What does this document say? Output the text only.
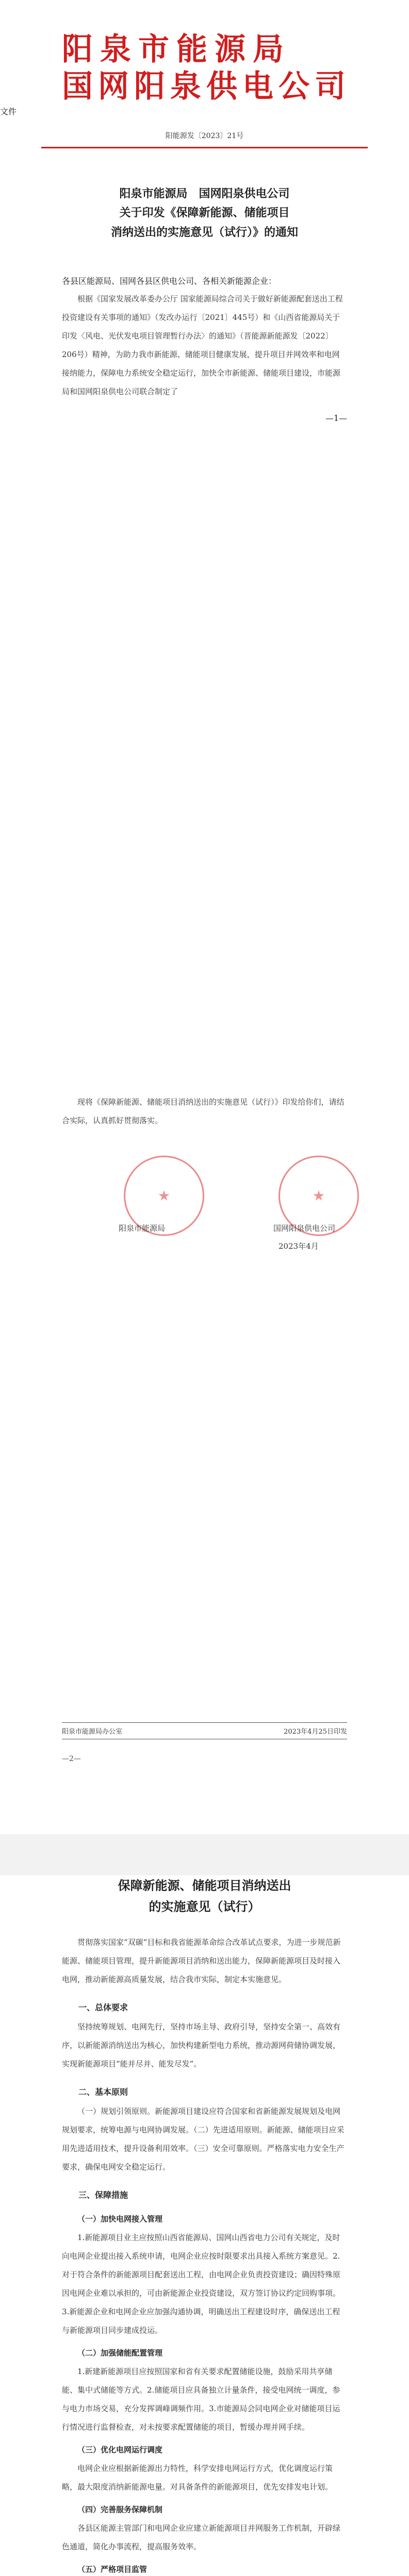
阳泉市能源局
国网阳泉供电公司
文件
阳能源发〔2023〕21号
阳泉市能源局　国网阳泉供电公司
关于印发《保障新能源、储能项目
消纳送出的实施意见（试行）》的通知
各县区能源局、国网各县区供电公司、各相关新能源企业：
根据《国家发展改革委办公厅 国家能源局综合司关于做好新能源配套送出工程投资建设有关事项的通知》（发改办运行〔2021〕445号）和《山西省能源局关于印发〈风电、光伏发电项目管理暂行办法〉的通知》（晋能源新能源发〔2022〕206号）精神，为助力我市新能源、储能项目健康发展，提升项目并网效率和电网接纳能力，保障电力系统安全稳定运行，加快全市新能源、储能项目建设，市能源局和国网阳泉供电公司联合制定了
—1—
现将《保障新能源、储能项目消纳送出的实施意见（试行）》印发给你们，请结合实际，认真抓好贯彻落实。
阳泉市能源局	国网阳泉供电公司
2023年4月
阳泉市能源局办公室	2023年4月25日印发
—2—
保障新能源、储能项目消纳送出
的实施意见（试行）
贯彻落实国家“双碳”目标和我省能源革命综合改革试点要求，为进一步规范新能源、储能项目管理，提升新能源项目消纳和送出能力，保障新能源项目及时接入电网，推动新能源高质量发展，结合我市实际，制定本实施意见。
一、总体要求
坚持统筹规划、电网先行，坚持市场主导、政府引导，坚持安全第一、高效有序，以新能源消纳送出为核心，加快构建新型电力系统，推动源网荷储协调发展，实现新能源项目“能并尽并、能发尽发”。
二、基本原则
（一）规划引领原则。新能源项目建设应符合国家和省新能源发展规划及电网规划要求，统筹电源与电网协调发展。（二）先进适用原则。新能源、储能项目应采用先进适用技术，提升设备利用效率。（三）安全可靠原则。严格落实电力安全生产要求，确保电网安全稳定运行。
三、保障措施
（一）加快电网接入管理
1.新能源项目业主应按照山西省能源局、国网山西省电力公司有关规定，及时向电网企业提出接入系统申请，电网企业应按时限要求出具接入系统方案意见。2.对于符合条件的新能源项目配套送出工程，由电网企业负责投资建设；确因特殊原因电网企业难以承担的，可由新能源企业投资建设，双方签订协议约定回购事项。3.新能源企业和电网企业应加强沟通协调，明确送出工程建设时序，确保送出工程与新能源项目同步建成投运。
（二）加强储能配置管理
1.新建新能源项目应按照国家和省有关要求配置储能设施，鼓励采用共享储能、集中式储能等方式。2.储能项目应具备独立计量条件，接受电网统一调度，参与电力市场交易，充分发挥调峰调频作用。3.市能源局会同电网企业对储能项目运行情况进行监督检查，对未按要求配置储能的项目，暂缓办理并网手续。
（三）优化电网运行调度
电网企业应根据新能源出力特性，科学安排电网运行方式，优化调度运行策略，最大限度消纳新能源电量。对具备条件的新能源项目，优先安排发电计划。
（四）完善服务保障机制
各县区能源主管部门和电网企业应建立新能源项目并网服务工作机制，开辟绿色通道，简化办事流程，提高服务效率。
（五）严格项目监管
